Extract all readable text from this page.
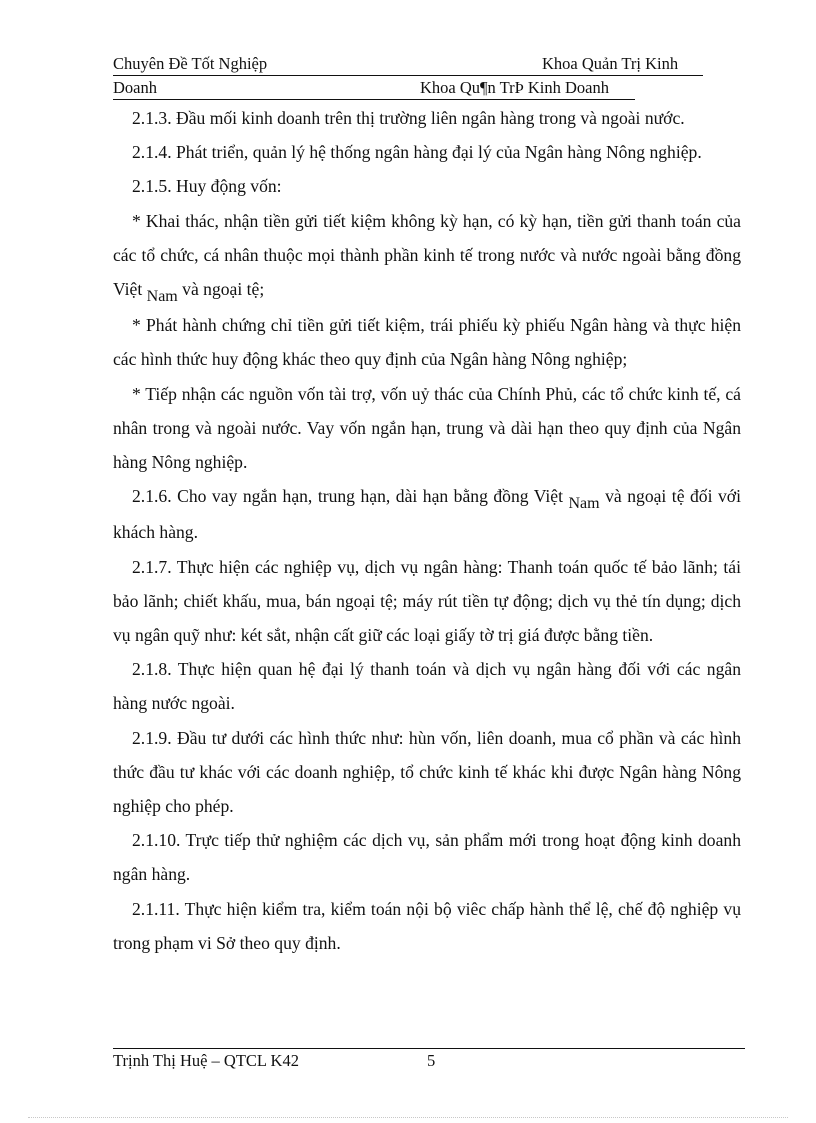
Chuyên Đề Tốt Nghiệp	Khoa Quản Trị Kinh
Doanh	Khoa Qu¶n TrÞ Kinh Doanh

2.1.3. Đầu mối kinh doanh trên thị trường liên ngân hàng trong và ngoài nước.

2.1.4. Phát triển, quản lý hệ thống ngân hàng đại lý của Ngân hàng Nông nghiệp.

2.1.5. Huy động vốn:

* Khai thác, nhận tiền gửi tiết kiệm không kỳ hạn, có kỳ hạn, tiền gửi thanh toán của các tổ chức, cá nhân thuộc mọi thành phần kinh tế trong nước và nước ngoài bằng đồng Việt Nam và ngoại tệ;

* Phát hành chứng chỉ tiền gửi tiết kiệm, trái phiếu kỳ phiếu Ngân hàng và thực hiện các hình thức huy động khác theo quy định của Ngân hàng Nông nghiệp;

* Tiếp nhận các nguồn vốn tài trợ, vốn uỷ thác của Chính Phủ, các tổ chức kinh tế, cá nhân trong và ngoài nước. Vay vốn ngắn hạn, trung và dài hạn theo quy định của Ngân hàng Nông nghiệp.

2.1.6. Cho vay ngắn hạn, trung hạn, dài hạn bằng đồng Việt Nam và ngoại tệ đối với khách hàng.

2.1.7. Thực hiện các nghiệp vụ, dịch vụ ngân hàng: Thanh toán quốc tế bảo lãnh; tái bảo lãnh; chiết khấu, mua, bán ngoại tệ; máy rút tiền tự động; dịch vụ thẻ tín dụng; dịch vụ ngân quỹ như: két sắt, nhận cất giữ các loại giấy tờ trị giá được bằng tiền.

2.1.8. Thực hiện quan hệ đại lý thanh toán và dịch vụ ngân hàng đối với các ngân hàng nước ngoài.

2.1.9. Đầu tư dưới các hình thức như: hùn vốn, liên doanh, mua cổ phần và các hình thức đầu tư khác với các doanh nghiệp, tổ chức kinh tế khác khi được Ngân hàng Nông nghiệp cho phép.

2.1.10. Trực tiếp thử nghiệm các dịch vụ, sản phẩm mới trong hoạt động kinh doanh ngân hàng.

2.1.11. Thực hiện kiểm tra, kiểm toán nội bộ viêc chấp hành thể lệ, chế độ nghiệp vụ trong phạm vi Sở theo quy định.

Trịnh Thị Huệ – QTCL K42	5
